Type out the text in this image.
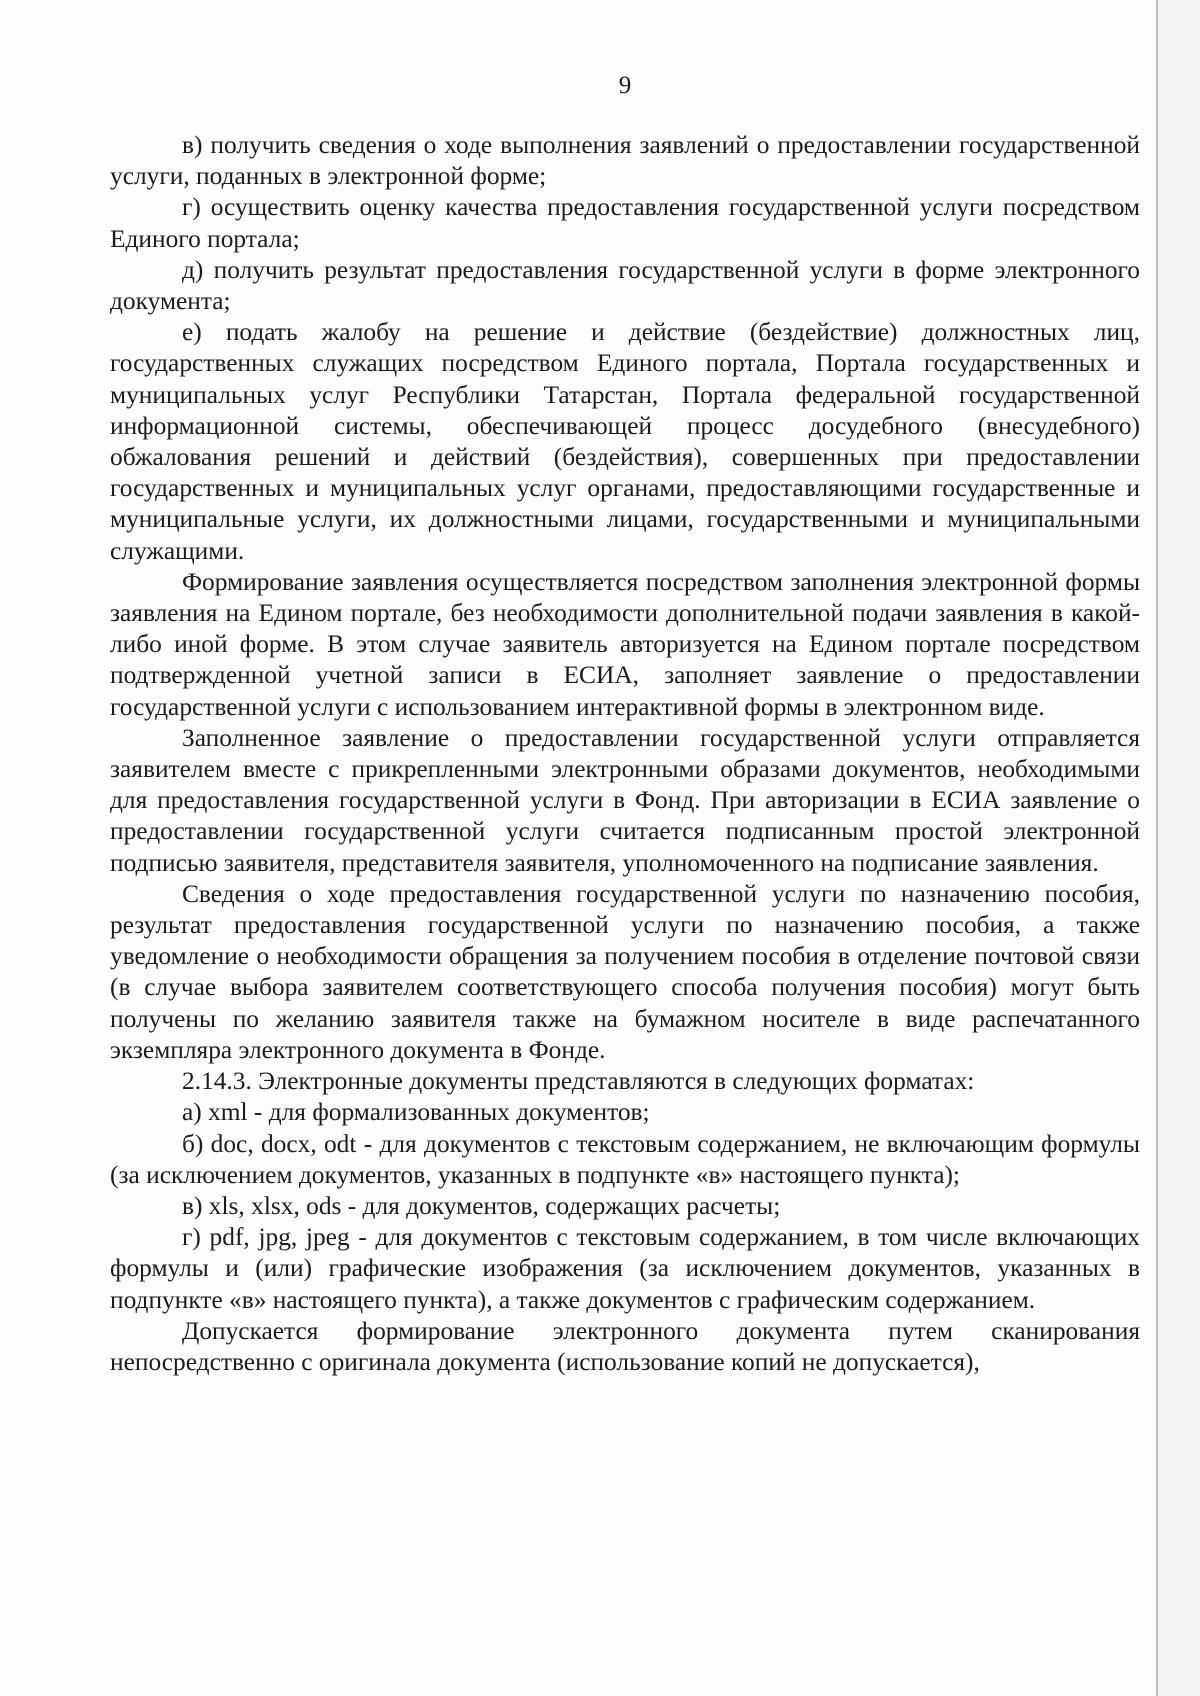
9

в) получить сведения о ходе выполнения заявлений о предоставлении государственной услуги, поданных в электронной форме;

г) осуществить оценку качества предоставления государственной услуги посредством Единого портала;

д) получить результат предоставления государственной услуги в форме электронного документа;

е) подать жалобу на решение и действие (бездействие) должностных лиц, государственных служащих посредством Единого портала, Портала государственных и муниципальных услуг Республики Татарстан, Портала федеральной государственной информационной системы, обеспечивающей процесс досудебного (внесудебного) обжалования решений и действий (бездействия), совершенных при предоставлении государственных и муниципальных услуг органами, предоставляющими государственные и муниципальные услуги, их должностными лицами, государственными и муниципальными служащими.

Формирование заявления осуществляется посредством заполнения электронной формы заявления на Едином портале, без необходимости дополнительной подачи заявления в какой-либо иной форме. В этом случае заявитель авторизуется на Едином портале посредством подтвержденной учетной записи в ЕСИА, заполняет заявление о предоставлении государственной услуги с использованием интерактивной формы в электронном виде.

Заполненное заявление о предоставлении государственной услуги отправляется заявителем вместе с прикрепленными электронными образами документов, необходимыми для предоставления государственной услуги в Фонд. При авторизации в ЕСИА заявление о предоставлении государственной услуги считается подписанным простой электронной подписью заявителя, представителя заявителя, уполномоченного на подписание заявления.

Сведения о ходе предоставления государственной услуги по назначению пособия, результат предоставления государственной услуги по назначению пособия, а также уведомление о необходимости обращения за получением пособия в отделение почтовой связи (в случае выбора заявителем соответствующего способа получения пособия) могут быть получены по желанию заявителя также на бумажном носителе в виде распечатанного экземпляра электронного документа в Фонде.

2.14.3. Электронные документы представляются в следующих форматах:

а) xml - для формализованных документов;

б) doc, docx, odt - для документов с текстовым содержанием, не включающим формулы (за исключением документов, указанных в подпункте «в» настоящего пункта);

в) xls, xlsx, ods - для документов, содержащих расчеты;

г) pdf, jpg, jpeg - для документов с текстовым содержанием, в том числе включающих формулы и (или) графические изображения (за исключением документов, указанных в подпункте «в» настоящего пункта), а также документов с графическим содержанием.

Допускается формирование электронного документа путем сканирования непосредственно с оригинала документа (использование копий не допускается),
